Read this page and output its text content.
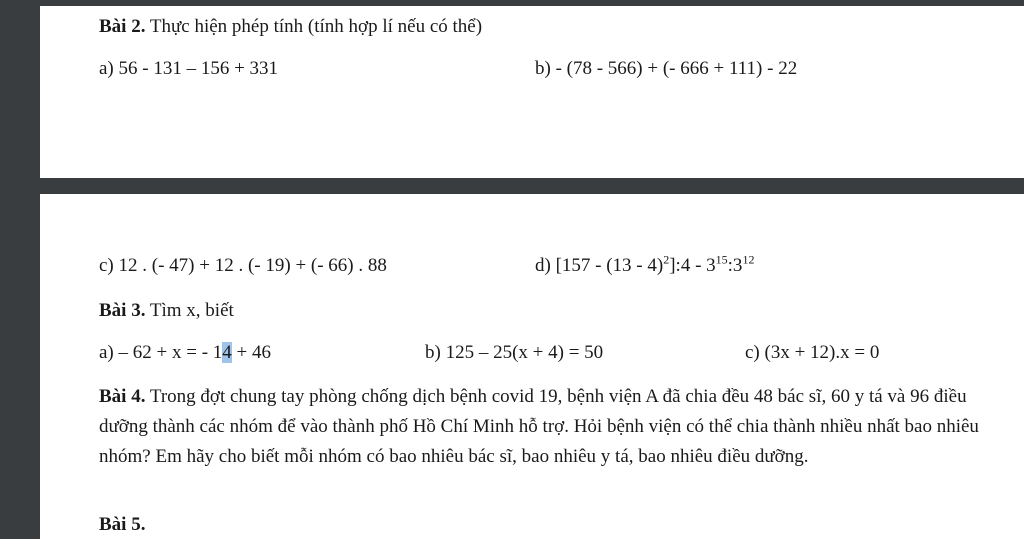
Bài 2. Thực hiện phép tính (tính hợp lí nếu có thể)
a) 56 - 131 – 156 + 331	b) - (78 - 566) + (- 666 + 111) - 22
c) 12 . (- 47) + 12 . (- 19) + (- 66) . 88	d) [157 - (13 - 4)$^2$]:4 - $3^{15}:3^{12}$
Bài 3. Tìm x, biết
a) – 62 + x = - 14 + 46	b) 125 – 25(x + 4) = 50	c) (3x + 12).x = 0
Bài 4. Trong đợt chung tay phòng chống dịch bệnh covid 19, bệnh viện A đã chia đều 48 bác sĩ, 60 y tá và 96 điều dưỡng thành các nhóm để vào thành phố Hồ Chí Minh hỗ trợ. Hỏi bệnh viện có thể chia thành nhiều nhất bao nhiêu nhóm? Em hãy cho biết mỗi nhóm có bao nhiêu bác sĩ, bao nhiêu y tá, bao nhiêu điều dưỡng.
Bài 5.
